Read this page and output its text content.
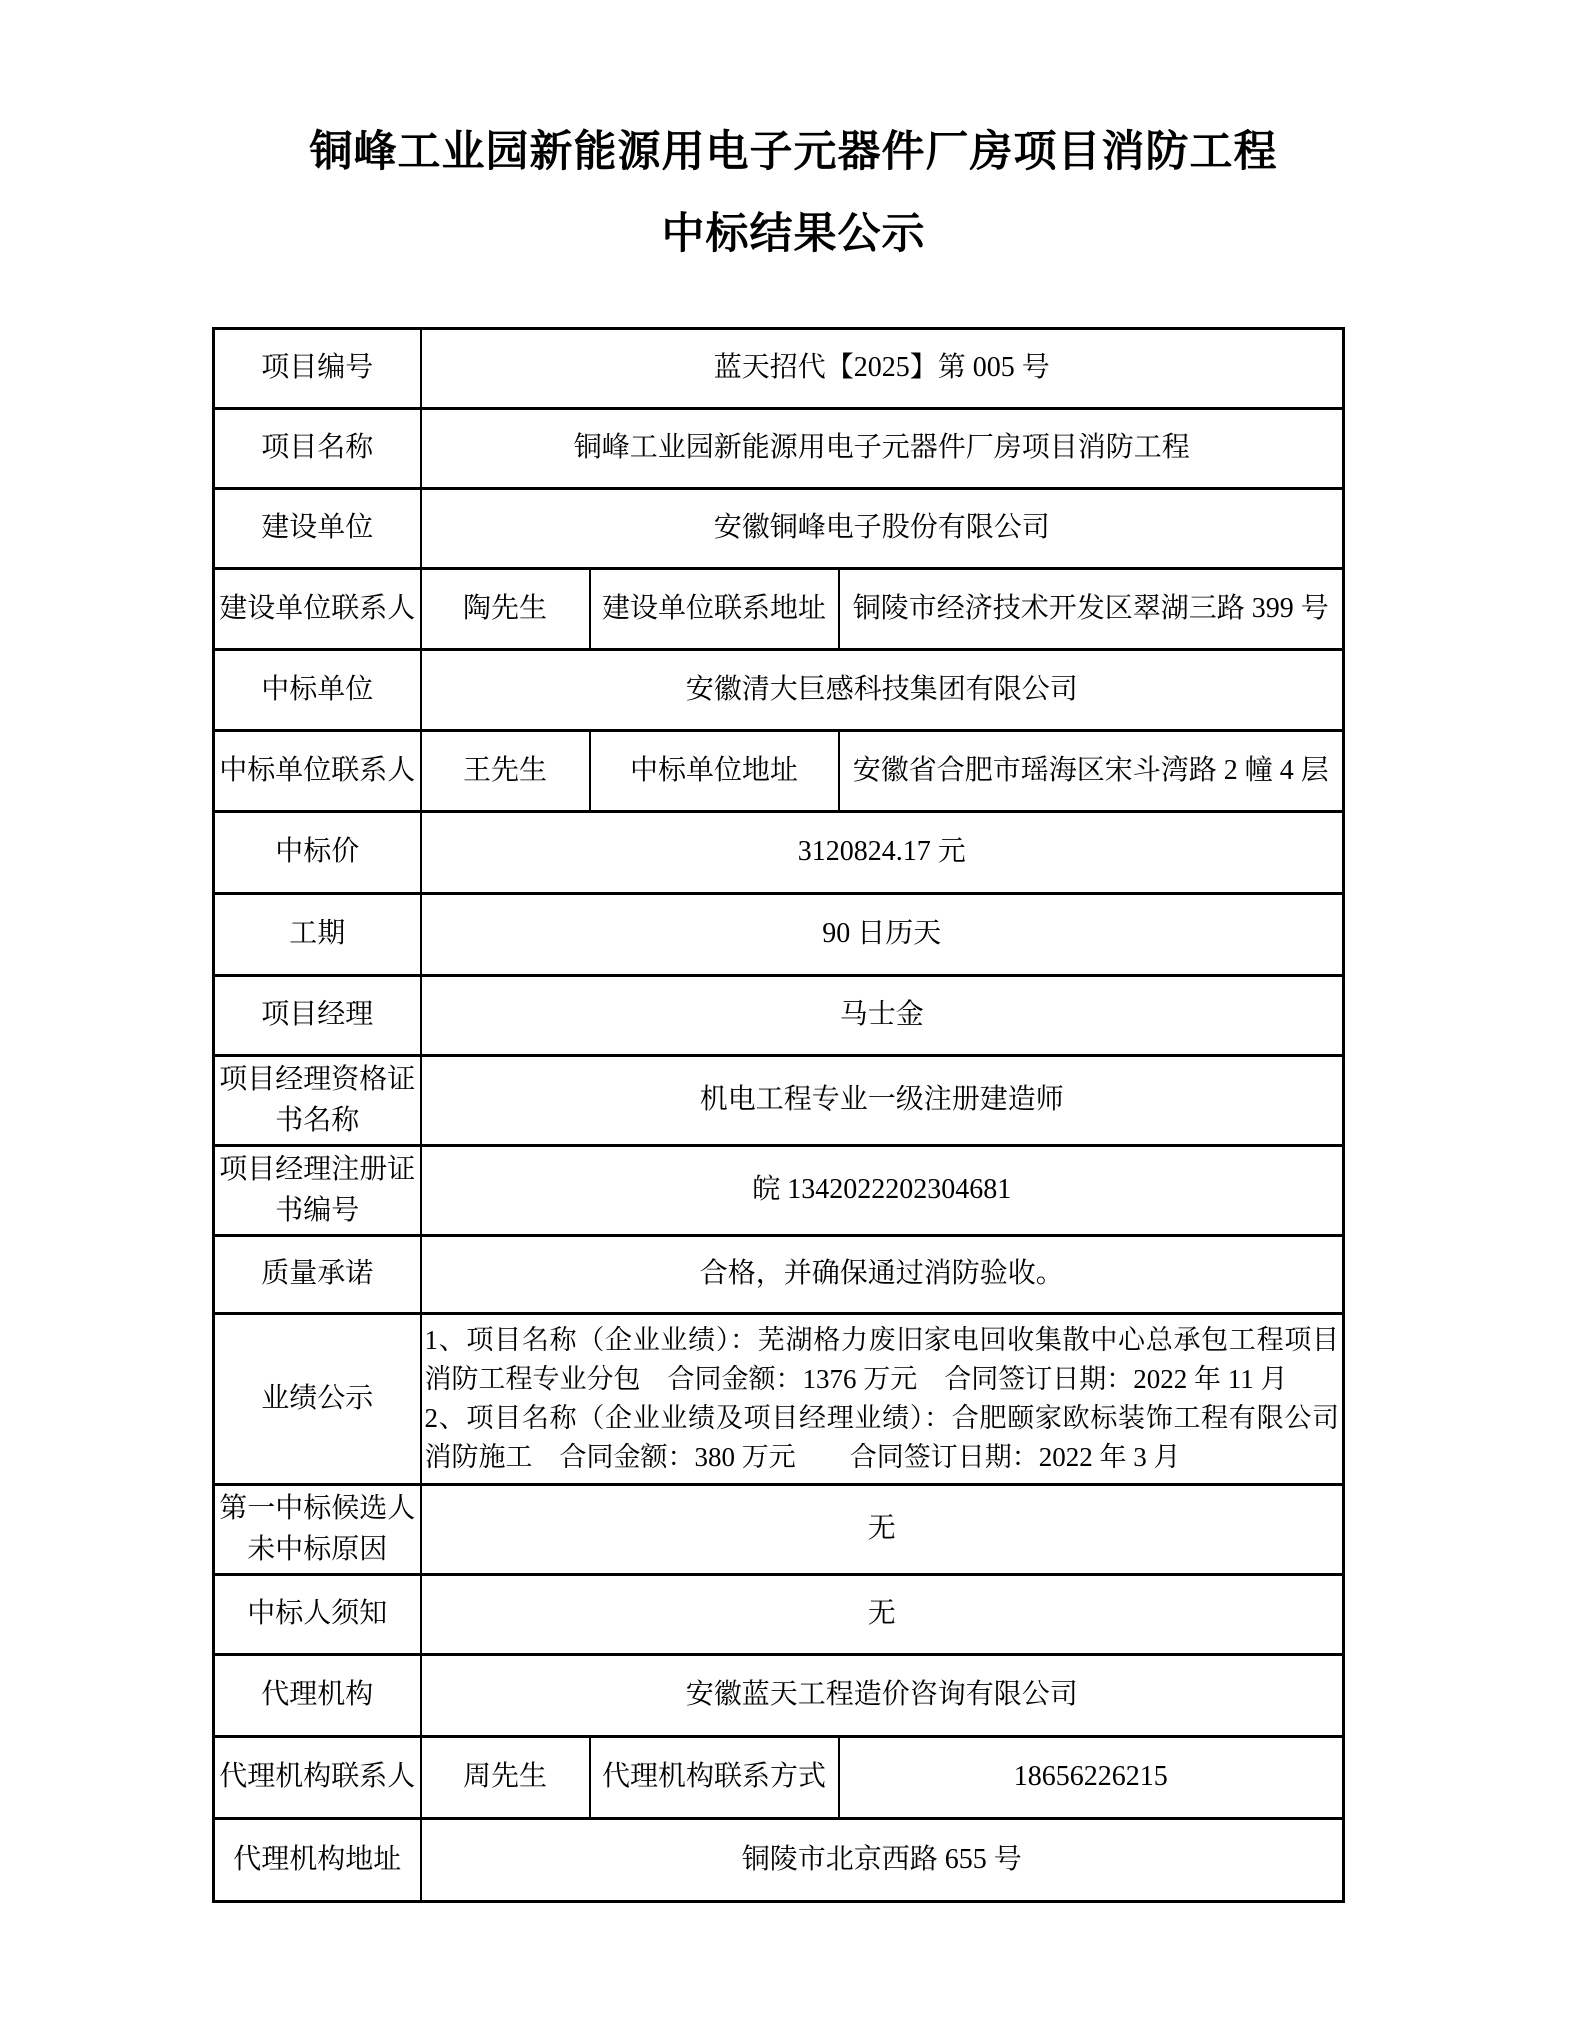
铜峰工业园新能源用电子元器件厂房项目消防工程
中标结果公示
项目编号	蓝天招代【2025】第 005 号		
项目名称	铜峰工业园新能源用电子元器件厂房项目消防工程		
建设单位	安徽铜峰电子股份有限公司		
建设单位联系人	陶先生	建设单位联系地址	铜陵市经济技术开发区翠湖三路 399 号
中标单位	安徽清大巨感科技集团有限公司		
中标单位联系人	王先生	中标单位地址	安徽省合肥市瑶海区宋斗湾路 2 幢 4 层
中标价	3120824.17 元		
工期	90 日历天		
项目经理	马士金		
项目经理资格证书名称	机电工程专业一级注册建造师		
项目经理注册证书编号	皖 1342022202304681		
质量承诺	合格，并确保通过消防验收。		
业绩公示	1、项目名称（企业业绩）：芜湖格力废旧家电回收集散中心总承包工程项目消防工程专业分包　合同金额：1376 万元　合同签订日期：2022 年 11 月
2、项目名称（企业业绩及项目经理业绩）：合肥颐家欧标装饰工程有限公司消防施工　合同金额：380 万元　　合同签订日期：2022 年 3 月		

第一中标候选人未中标原因	无		
中标人须知	无		
代理机构	安徽蓝天工程造价咨询有限公司		
代理机构联系人	周先生	代理机构联系方式	18656226215
代理机构地址	铜陵市北京西路 655 号		
